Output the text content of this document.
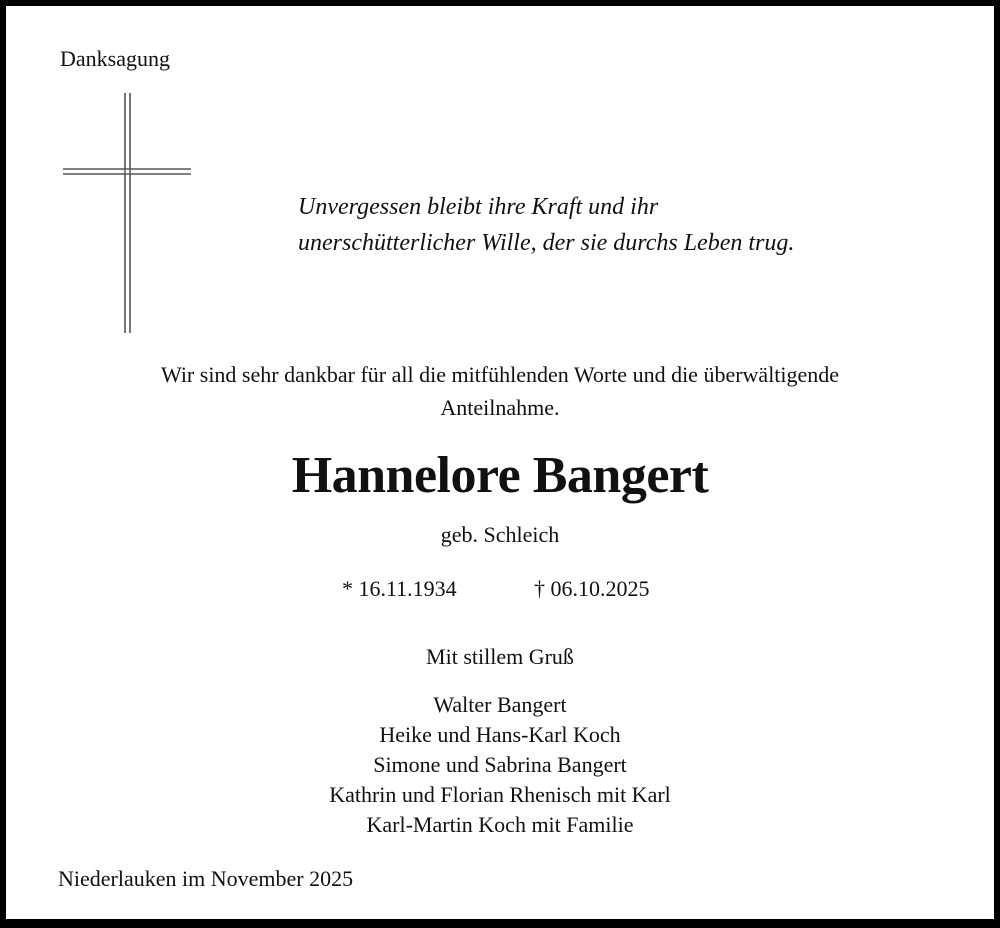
Danksagung
Unvergessen bleibt ihre Kraft und ihr
unerschütterlicher Wille, der sie durchs Leben trug.
Wir sind sehr dankbar für all die mitfühlenden Worte und die überwältigende
Anteilnahme.
Hannelore Bangert
geb. Schleich
* 16.11.1934	† 06.10.2025
Mit stillem Gruß
Walter Bangert
Heike und Hans-Karl Koch
Simone und Sabrina Bangert
Kathrin und Florian Rhenisch mit Karl
Karl-Martin Koch mit Familie
Niederlauken im November 2025
